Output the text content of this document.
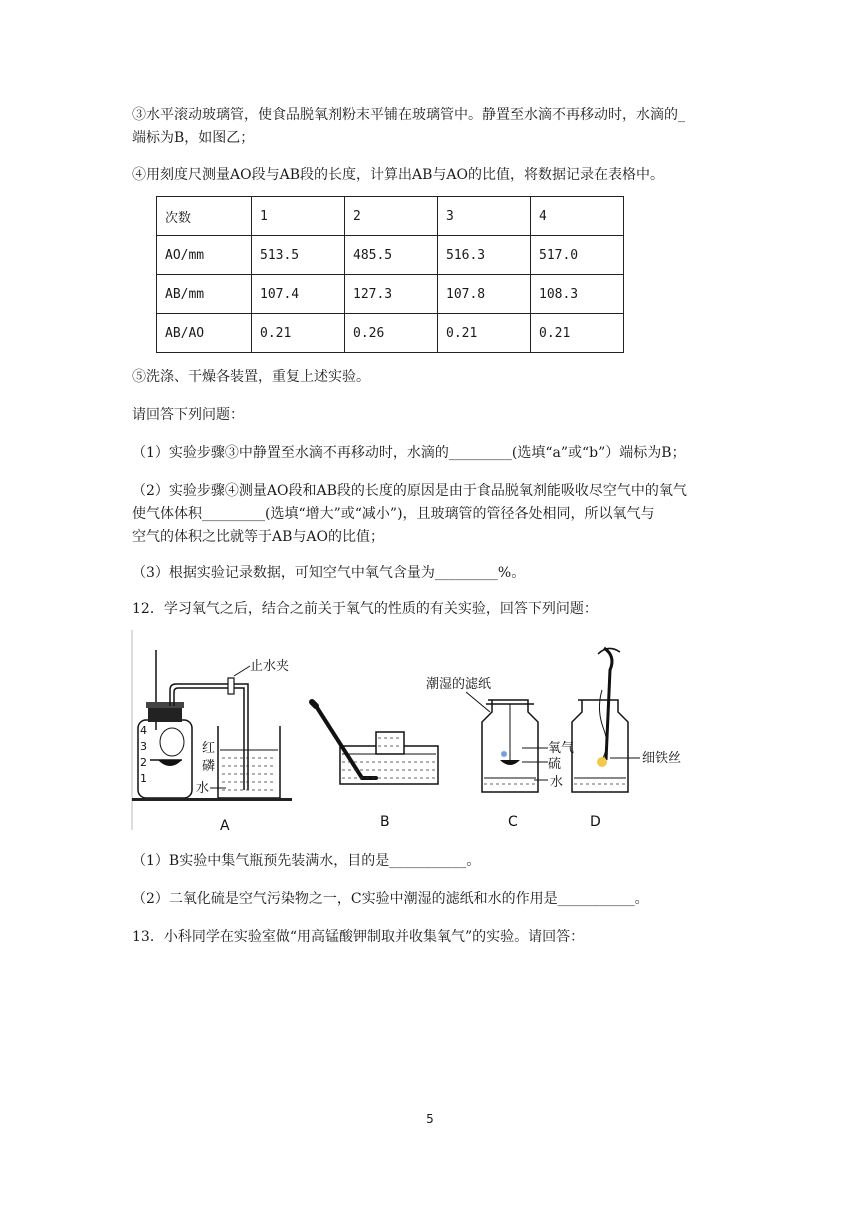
③水平滚动玻璃管，使食品脱氧剂粉末平铺在玻璃管中。静置至水滴不再移动时，水滴的_
端标为B，如图乙；
④用刻度尺测量AO段与AB段的长度，计算出AB与AO的比值，将数据记录在表格中。
次数	1	2	3	4
AO/mm	513.5	485.5	516.3	517.0
AB/mm	107.4	127.3	107.8	108.3
AB/AO	0.21	0.26	0.21	0.21
⑤洗涤、干燥各装置，重复上述实验。
请回答下列问题：
（1）实验步骤③中静置至水滴不再移动时，水滴的_________(选填“a”或“b”）端标为B；
（2）实验步骤④测量AO段和AB段的长度的原因是由于食品脱氧剂能吸收尽空气中的氧气
使气体体积_________(选填“增大”或“减小”)，且玻璃管的管径各处相同，所以氧气与
空气的体积之比就等于AB与AO的比值；
（3）根据实验记录数据，可知空气中氧气含量为_________%。
12．学习氧气之后，结合之前关于氧气的性质的有关实验，回答下列问题：
止水夹
4
3
2
1
红
磷
水
A	B
潮湿的滤纸
氧气
硫
水
C
细铁丝
D
（1）B实验中集气瓶预先装满水，目的是___________。
（2）二氧化硫是空气污染物之一，C实验中潮湿的滤纸和水的作用是___________。
13．小科同学在实验室做“用高锰酸钾制取并收集氧气”的实验。请回答：
5
